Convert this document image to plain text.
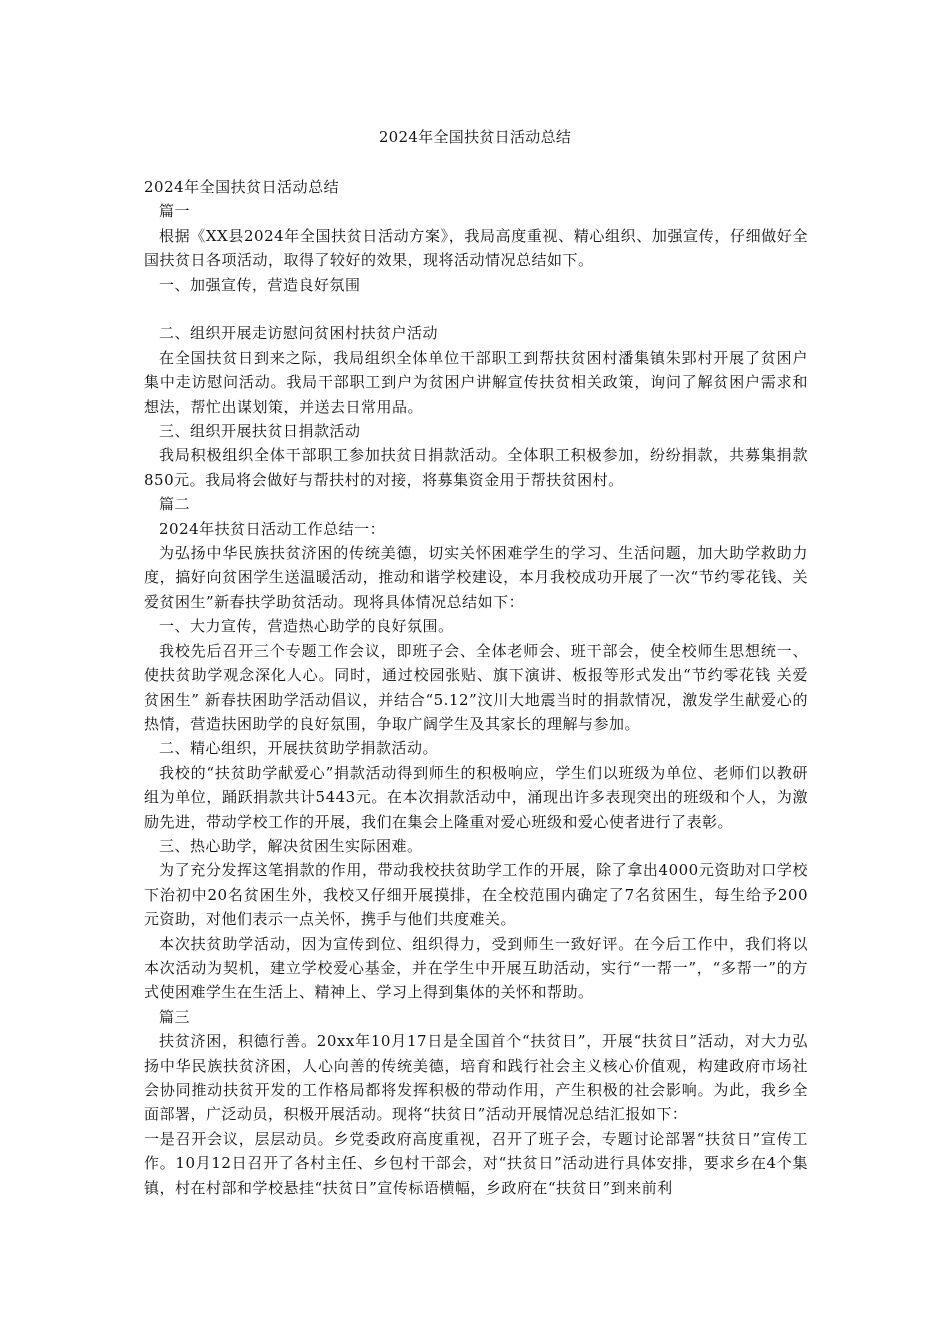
2024年全国扶贫日活动总结

2024年全国扶贫日活动总结

篇一

根据《XX县2024年全国扶贫日活动方案》，我局高度重视、精心组织、加强宣传，仔细做好全国扶贫日各项活动，取得了较好的效果，现将活动情况总结如下。

一、加强宣传，营造良好氛围

二、组织开展走访慰问贫困村扶贫户活动

在全国扶贫日到来之际，我局组织全体单位干部职工到帮扶贫困村潘集镇朱郢村开展了贫困户集中走访慰问活动。我局干部职工到户为贫困户讲解宣传扶贫相关政策，询问了解贫困户需求和想法，帮忙出谋划策，并送去日常用品。

三、组织开展扶贫日捐款活动

我局积极组织全体干部职工参加扶贫日捐款活动。全体职工积极参加，纷纷捐款，共募集捐款850元。我局将会做好与帮扶村的对接，将募集资金用于帮扶贫困村。

篇二

2024年扶贫日活动工作总结一：

为弘扬中华民族扶贫济困的传统美德，切实关怀困难学生的学习、生活问题，加大助学救助力度，搞好向贫困学生送温暖活动，推动和谐学校建设，本月我校成功开展了一次“节约零花钱、关爱贫困生”新春扶学助贫活动。现将具体情况总结如下：

一、大力宣传，营造热心助学的良好氛围。

我校先后召开三个专题工作会议，即班子会、全体老师会、班干部会，使全校师生思想统一、使扶贫助学观念深化人心。同时，通过校园张贴、旗下演讲、板报等形式发出“节约零花钱 关爱贫困生” 新春扶困助学活动倡议，并结合“5.12”汶川大地震当时的捐款情况，激发学生献爱心的热情，营造扶困助学的良好氛围，争取广阔学生及其家长的理解与参加。

二、精心组织，开展扶贫助学捐款活动。

我校的“扶贫助学献爱心”捐款活动得到师生的积极响应，学生们以班级为单位、老师们以教研组为单位，踊跃捐款共计5443元。在本次捐款活动中，涌现出许多表现突出的班级和个人，为激励先进，带动学校工作的开展，我们在集会上隆重对爱心班级和爱心使者进行了表彰。

三、热心助学，解决贫困生实际困难。

为了充分发挥这笔捐款的作用，带动我校扶贫助学工作的开展，除了拿出4000元资助对口学校下治初中20名贫困生外，我校又仔细开展摸排，在全校范围内确定了7名贫困生，每生给予200元资助，对他们表示一点关怀，携手与他们共度难关。

本次扶贫助学活动，因为宣传到位、组织得力，受到师生一致好评。在今后工作中，我们将以本次活动为契机，建立学校爱心基金，并在学生中开展互助活动，实行“一帮一”，“多帮一”的方式使困难学生在生活上、精神上、学习上得到集体的关怀和帮助。

篇三

扶贫济困，积德行善。20xx年10月17日是全国首个“扶贫日”，开展“扶贫日”活动，对大力弘扬中华民族扶贫济困，人心向善的传统美德，培育和践行社会主义核心价值观，构建政府市场社会协同推动扶贫开发的工作格局都将发挥积极的带动作用，产生积极的社会影响。为此，我乡全面部署，广泛动员，积极开展活动。现将“扶贫日”活动开展情况总结汇报如下：

一是召开会议，层层动员。乡党委政府高度重视，召开了班子会，专题讨论部署“扶贫日”宣传工作。10月12日召开了各村主任、乡包村干部会，对“扶贫日”活动进行具体安排，要求乡在4个集镇，村在村部和学校悬挂“扶贫日”宣传标语横幅，乡政府在“扶贫日”到来前利
